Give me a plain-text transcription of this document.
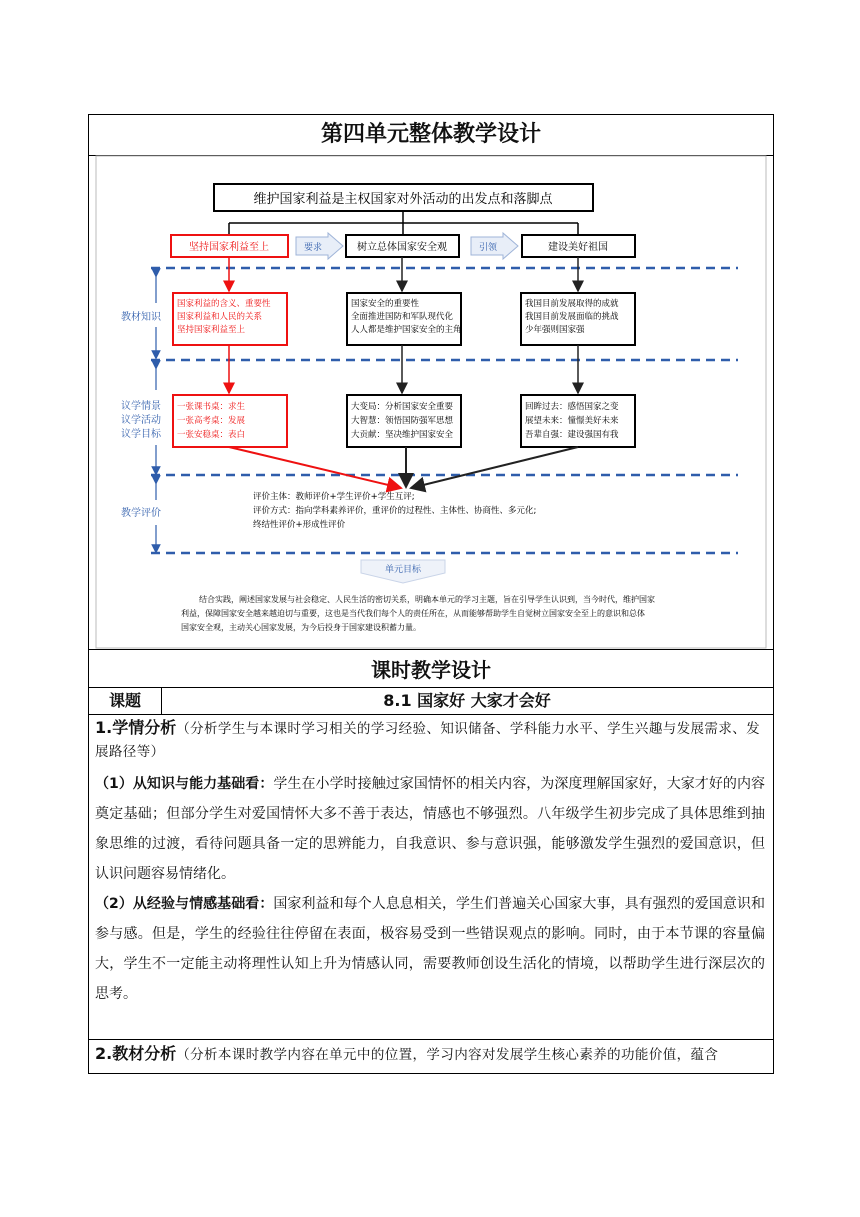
第四单元整体教学设计
维护国家利益是主权国家对外活动的出发点和落脚点
坚持国家利益至上	树立总体国家安全观	建设美好祖国
要求	引领
教材知识
议学情景
议学活动
议学目标
教学评价
国家利益的含义、重要性
国家利益和人民的关系
坚持国家利益至上
国家安全的重要性
全面推进国防和军队现代化
人人都是维护国家安全的主角
我国目前发展取得的成就
我国目前发展面临的挑战
少年强则国家强
一张课书桌：求生
一张高考桌：发展
一张安稳桌：表白
大变局：分析国家安全重要
大智慧：领悟国防强军思想
大贡献：坚决维护国家安全
回眸过去：感悟国家之变
展望未来：憧憬美好未来
吾辈自强：建设强国有我
评价主体：教师评价+学生评价+学生互评;
评价方式：指向学科素养评价，重评价的过程性、主体性、协商性、多元化;
终结性评价+形成性评价
单元目标
结合实践，阐述国家发展与社会稳定、人民生活的密切关系，明确本单元的学习主题，旨在引导学生认识到，当今时代，维护国家
利益，保障国家安全越来越迫切与重要，这也是当代我们每个人的责任所在，从而能够帮助学生自觉树立国家安全至上的意识和总体
国家安全观，主动关心国家发展，为今后投身于国家建设积蓄力量。
课时教学设计
课题	8.1 国家好 大家才会好
1.学情分析（分析学生与本课时学习相关的学习经验、知识储备、学科能力水平、学生兴趣与发展需求、发展路径等）

（1）从知识与能力基础看：学生在小学时接触过家国情怀的相关内容，为深度理解国家好，大家才好的内容奠定基础；但部分学生对爱国情怀大多不善于表达，情感也不够强烈。八年级学生初步完成了具体思维到抽象思维的过渡，看待问题具备一定的思辨能力，自我意识、参与意识强，能够激发学生强烈的爱国意识，但认识问题容易情绪化。

（2）从经验与情感基础看：国家利益和每个人息息相关，学生们普遍关心国家大事，具有强烈的爱国意识和参与感。但是，学生的经验往往停留在表面，极容易受到一些错误观点的影响。同时，由于本节课的容量偏大，学生不一定能主动将理性认知上升为情感认同，需要教师创设生活化的情境，以帮助学生进行深层次的思考。

2.教材分析（分析本课时教学内容在单元中的位置，学习内容对发展学生核心素养的功能价值，蕴含
